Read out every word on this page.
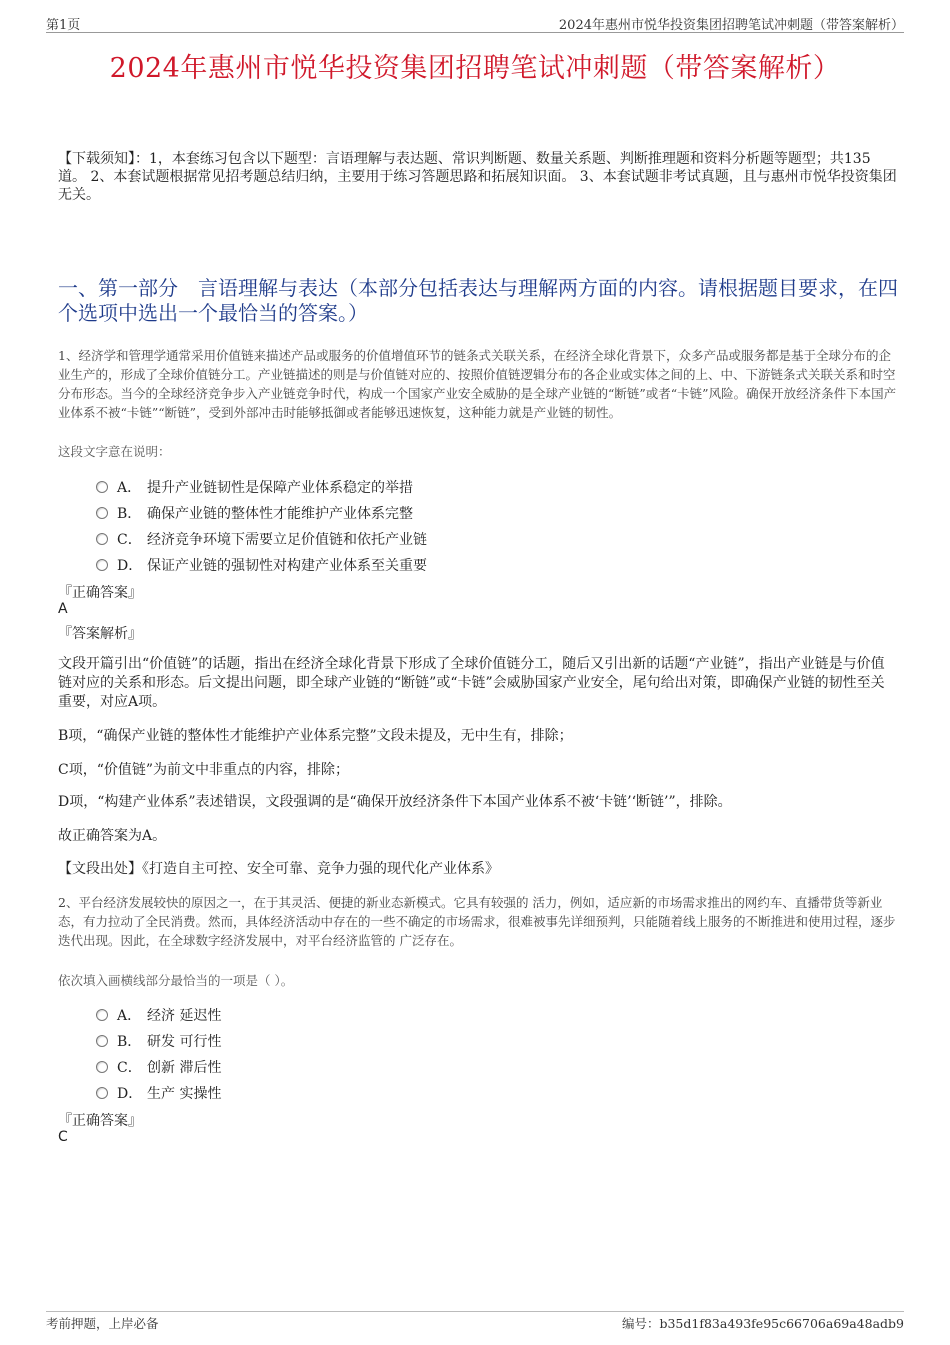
第1页	2024年惠州市悦华投资集团招聘笔试冲刺题（带答案解析）
2024年惠州市悦华投资集团招聘笔试冲刺题（带答案解析）
【下载须知】：1，本套练习包含以下题型：言语理解与表达题、常识判断题、数量关系题、判断推理题和资料分析题等题型；共135道。 2、本套试题根据常见招考题总结归纳，主要用于练习答题思路和拓展知识面。 3、本套试题非考试真题，且与惠州市悦华投资集团无关。
一、第一部分　言语理解与表达（本部分包括表达与理解两方面的内容。请根据题目要求，在四个选项中选出一个最恰当的答案。）
1、经济学和管理学通常采用价值链来描述产品或服务的价值增值环节的链条式关联关系，在经济全球化背景下，众多产品或服务都是基于全球分布的企业生产的，形成了全球价值链分工。产业链描述的则是与价值链对应的、按照价值链逻辑分布的各企业或实体之间的上、中、下游链条式关联关系和时空分布形态。当今的全球经济竞争步入产业链竞争时代，构成一个国家产业安全威胁的是全球产业链的“断链”或者“卡链”风险。确保开放经济条件下本国产业体系不被“卡链”“断链”，受到外部冲击时能够抵御或者能够迅速恢复，这种能力就是产业链的韧性。
这段文字意在说明：
A． 提升产业链韧性是保障产业体系稳定的举措
B． 确保产业链的整体性才能维护产业体系完整
C． 经济竞争环境下需要立足价值链和依托产业链
D． 保证产业链的强韧性对构建产业体系至关重要
『正确答案』
A
『答案解析』
文段开篇引出“价值链”的话题，指出在经济全球化背景下形成了全球价值链分工，随后又引出新的话题“产业链”，指出产业链是与价值链对应的关系和形态。后文提出问题，即全球产业链的“断链”或“卡链”会威胁国家产业安全，尾句给出对策，即确保产业链的韧性至关重要，对应A项。
B项，“确保产业链的整体性才能维护产业体系完整”文段未提及，无中生有，排除；
C项，“价值链”为前文中非重点的内容，排除；
D项，“构建产业体系”表述错误，文段强调的是“确保开放经济条件下本国产业体系不被‘卡链’‘断链’”，排除。
故正确答案为A。
【文段出处】《打造自主可控、安全可靠、竞争力强的现代化产业体系》
2、平台经济发展较快的原因之一，在于其灵活、便捷的新业态新模式。它具有较强的 活力，例如，适应新的市场需求推出的网约车、直播带货等新业态，有力拉动了全民消费。然而，具体经济活动中存在的一些不确定的市场需求，很难被事先详细预判，只能随着线上服务的不断推进和使用过程，逐步迭代出现。因此，在全球数字经济发展中，对平台经济监管的 广泛存在。
依次填入画横线部分最恰当的一项是（ ）。
A． 经济 延迟性
B． 研发 可行性
C． 创新 滞后性
D． 生产 实操性
『正确答案』
C
考前押题，上岸必备	编号：b35d1f83a493fe95c66706a69a48adb9
